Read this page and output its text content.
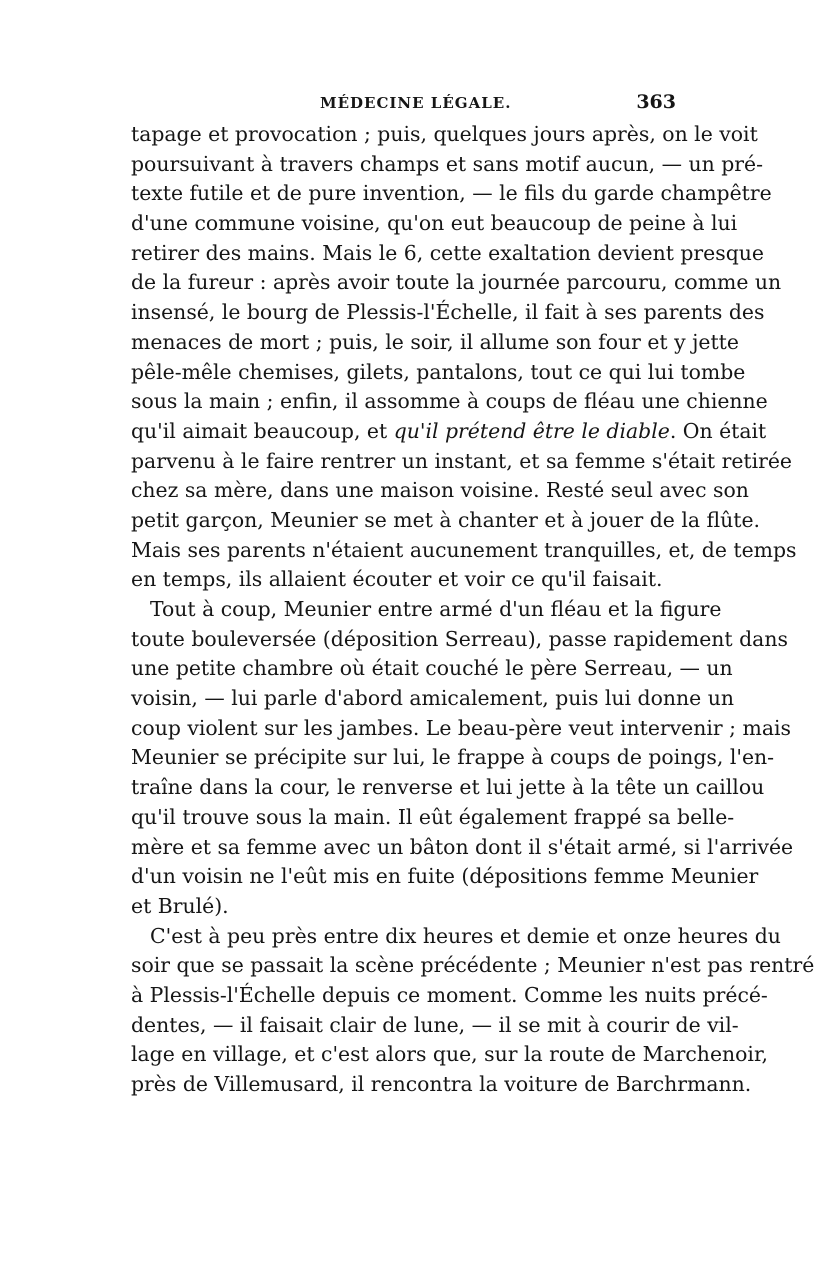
MÉDECINE LÉGALE.	363
tapage et provocation ; puis, quelques jours après, on le voit
poursuivant à travers champs et sans motif aucun, — un pré-
texte futile et de pure invention, — le fils du garde champêtre
d'une commune voisine, qu'on eut beaucoup de peine à lui
retirer des mains. Mais le 6, cette exaltation devient presque
de la fureur : après avoir toute la journée parcouru, comme un
insensé, le bourg de Plessis-l'Échelle, il fait à ses parents des
menaces de mort ; puis, le soir, il allume son four et y jette
pêle-mêle chemises, gilets, pantalons, tout ce qui lui tombe
sous la main ; enfin, il assomme à coups de fléau une chienne
qu'il aimait beaucoup, et qu'il prétend être le diable. On était
parvenu à le faire rentrer un instant, et sa femme s'était retirée
chez sa mère, dans une maison voisine. Resté seul avec son
petit garçon, Meunier se met à chanter et à jouer de la flûte.
Mais ses parents n'étaient aucunement tranquilles, et, de temps
en temps, ils allaient écouter et voir ce qu'il faisait.
Tout à coup, Meunier entre armé d'un fléau et la figure
toute bouleversée (déposition Serreau), passe rapidement dans
une petite chambre où était couché le père Serreau, — un
voisin, — lui parle d'abord amicalement, puis lui donne un
coup violent sur les jambes. Le beau-père veut intervenir ; mais
Meunier se précipite sur lui, le frappe à coups de poings, l'en-
traîne dans la cour, le renverse et lui jette à la tête un caillou
qu'il trouve sous la main. Il eût également frappé sa belle-
mère et sa femme avec un bâton dont il s'était armé, si l'arrivée
d'un voisin ne l'eût mis en fuite (dépositions femme Meunier
et Brulé).
C'est à peu près entre dix heures et demie et onze heures du
soir que se passait la scène précédente ; Meunier n'est pas rentré
à Plessis-l'Échelle depuis ce moment. Comme les nuits précé-
dentes, — il faisait clair de lune, — il se mit à courir de vil-
lage en village, et c'est alors que, sur la route de Marchenoir,
près de Villemusard, il rencontra la voiture de Barchrmann.
